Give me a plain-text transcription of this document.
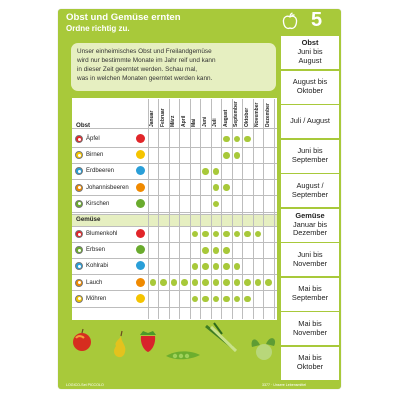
Obst und Gemüse ernten
Ordne richtig zu.	5
Unser einheimisches Obst und Freilandgemüse
wird nur bestimmte Monate im Jahr reif und kann
in dieser Zeit geerntet werden. Schau mal,
was in welchen Monaten geerntet werden kann.
Obst
Gemüse
Januar Februar März April Mai Juni Juli August September Oktober November Dezember
Äpfel
Birnen
Erdbeeren
Johannisbeeren
Kirschen
Blumenkohl
Erbsen
Kohlrabi
Lauch
Möhren
Obst
Juni bis
August
August bis
Oktober
Juli / August
Juni bis
September
August /
September
Gemüse
Januar bis
Dezember
Juni bis
November
Mai bis
September
Mai bis
November
Mai bis
Oktober
LOGICO-Set PICCOLO	3377 · Unsere Lebensmittel
